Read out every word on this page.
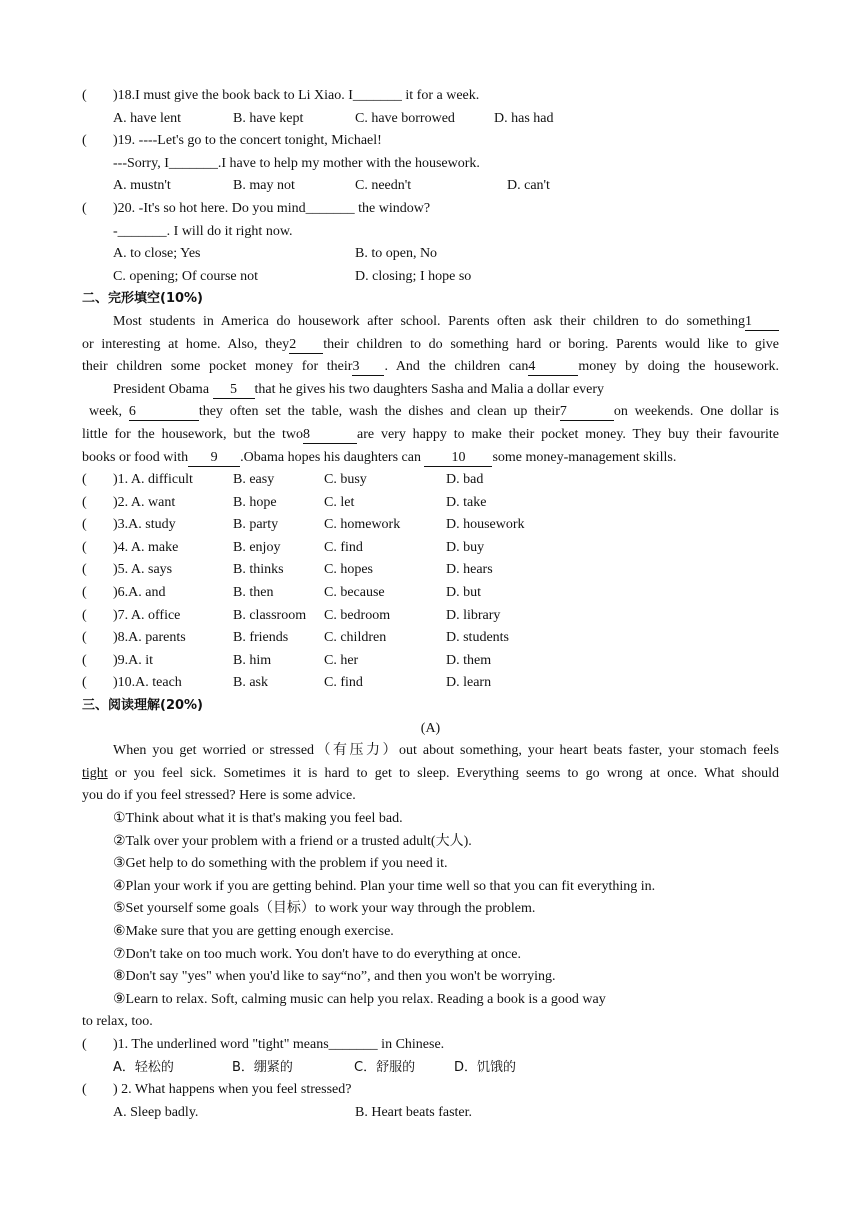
( )18.I must give the book back to Li Xiao. I_______ it for a week.
A. have lent	B. have kept	C. have borrowed	D. has had
( )19. ----Let's go to the concert tonight, Michael!
---Sorry, I_______.I have to help my mother with the housework.
A. mustn't	B. may not	C. needn't	D. can't
( )20. -It's so hot here. Do you mind_______ the window?
-_______. I will do it right now.
A. to close; Yes	B. to open, No
C. opening; Of course not	D. closing; I hope so
二、完形填空(10%)
Most students in America do housework after school. Parents often ask their children to do something1
or interesting at home. Also, they2 their children to do something hard or boring. Parents would like to give
their children some pocket money for their3 . And the children can4	money by doing the housework.
President Obama 5 that he gives his two daughters Sasha and Malia a dollar every
week, 6	they often set the table, wash the dishes and clean up their7	on weekends. One dollar is
little for the housework, but the two8	are very happy to make their pocket money. They buy their favourite
books or food with 9 .Obama hopes his daughters can 10 some money-management skills.
( )1. A. difficult	B. easy	C. busy	D. bad
( )2. A. want	B. hope	C. let	D. take
( )3.A. study	B. party	C. homework	D. housework
( )4. A. make	B. enjoy	C. find	D. buy
( )5. A. says	B. thinks	C. hopes	D. hears
( )6.A. and	B. then	C. because	D. but
( )7. A. office	B. classroom C. bedroom	D. library
( )8.A. parents	B. friends	C. children	D. students
( )9.A. it	B. him	C. her	D. them
( )10.A. teach	B. ask	C. find	D. learn
三、阅读理解(20%)
(A)
When you get worried or stressed（有压力）out about something, your heart beats faster, your stomach feels
tight or you feel sick. Sometimes it is hard to get to sleep. Everything seems to go wrong at once. What should
you do if you feel stressed? Here is some advice.
①Think about what it is that's making you feel bad.
②Talk over your problem with a friend or a trusted adult(大人).
③Get help to do something with the problem if you need it.
④Plan your work if you are getting behind. Plan your time well so that you can fit everything in.
⑤Set yourself some goals（目标）to work your way through the problem.
⑥Make sure that you are getting enough exercise.
⑦Don't take on too much work. You don't have to do everything at once.
⑧Don't say "yes" when you'd like to say“no”, and then you won't be worrying.
⑨Learn to relax. Soft, calming music can help you relax. Reading a book is a good way
to relax, too.
( )1. The underlined word "tight" means_______ in Chinese.
A．轻松的	B．绷紧的	C．舒服的	D．饥饿的
( ) 2. What happens when you feel stressed?
A. Sleep badly.	B. Heart beats faster.
